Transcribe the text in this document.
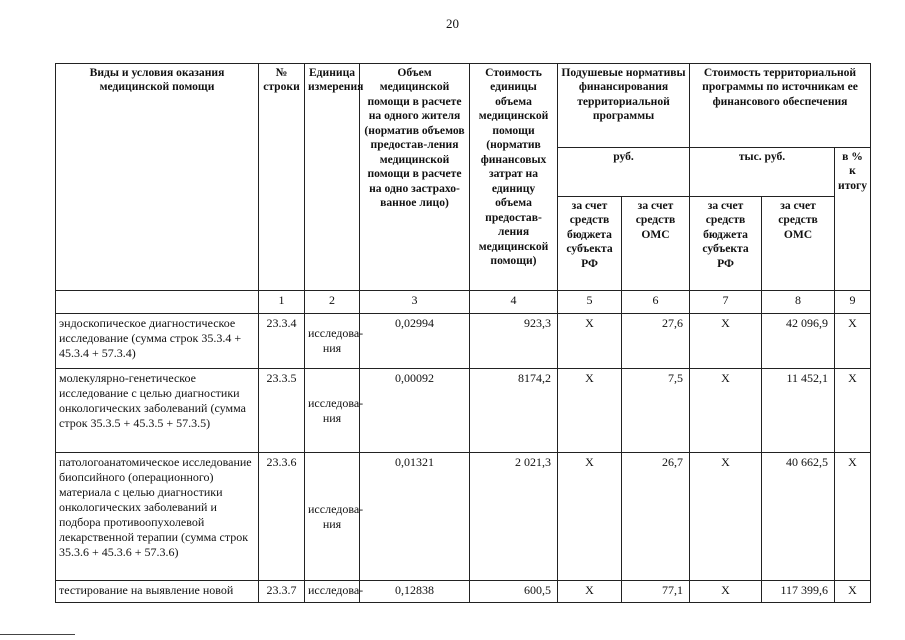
20
Виды и условия оказания медицинской помощи	№ строки	Единица измерения	Объем медицинской помощи в расчете на одного жителя (норматив объемов предостав-ления медицинской помощи в расчете на одно застрахо-ванное лицо)	Стоимость единицы объема медицинской помощи (норматив финансовых затрат на единицу объема предостав-ления медицинской помощи)	Подушевые нормативы финансирования территориальной программы		Стоимость территориальной программы по источникам ее финансового обеспечения		
					руб.		тыс. руб.		в % к итогу
					за счет средств бюджета субъекта РФ	за счет средств ОМС	за счет средств бюджета субъекта РФ	за счет средств ОМС	
	1	2	3	4	5	6	7	8	9
эндоскопическое диагностическое исследование (сумма строк 35.3.4 + 45.3.4 + 57.3.4)	23.3.4	исследова-ния	0,02994	923,3	Х	27,6	Х	42 096,9	Х
молекулярно-генетическое исследование с целью диагностики онкологических заболеваний (сумма строк 35.3.5 + 45.3.5 + 57.3.5)	23.3.5	исследова-ния	0,00092	8174,2	Х	7,5	Х	11 452,1	Х
патологоанатомическое исследование биопсийного (операционного) материала с целью диагностики онкологических заболеваний и подбора противоопухолевой лекарственной терапии (сумма строк 35.3.6 + 45.3.6 + 57.3.6)	23.3.6	исследова-ния	0,01321	2 021,3	Х	26,7	Х	40 662,5	Х
тестирование на выявление новой	23.3.7	исследова-	0,12838	600,5	Х	77,1	Х	117 399,6	Х
